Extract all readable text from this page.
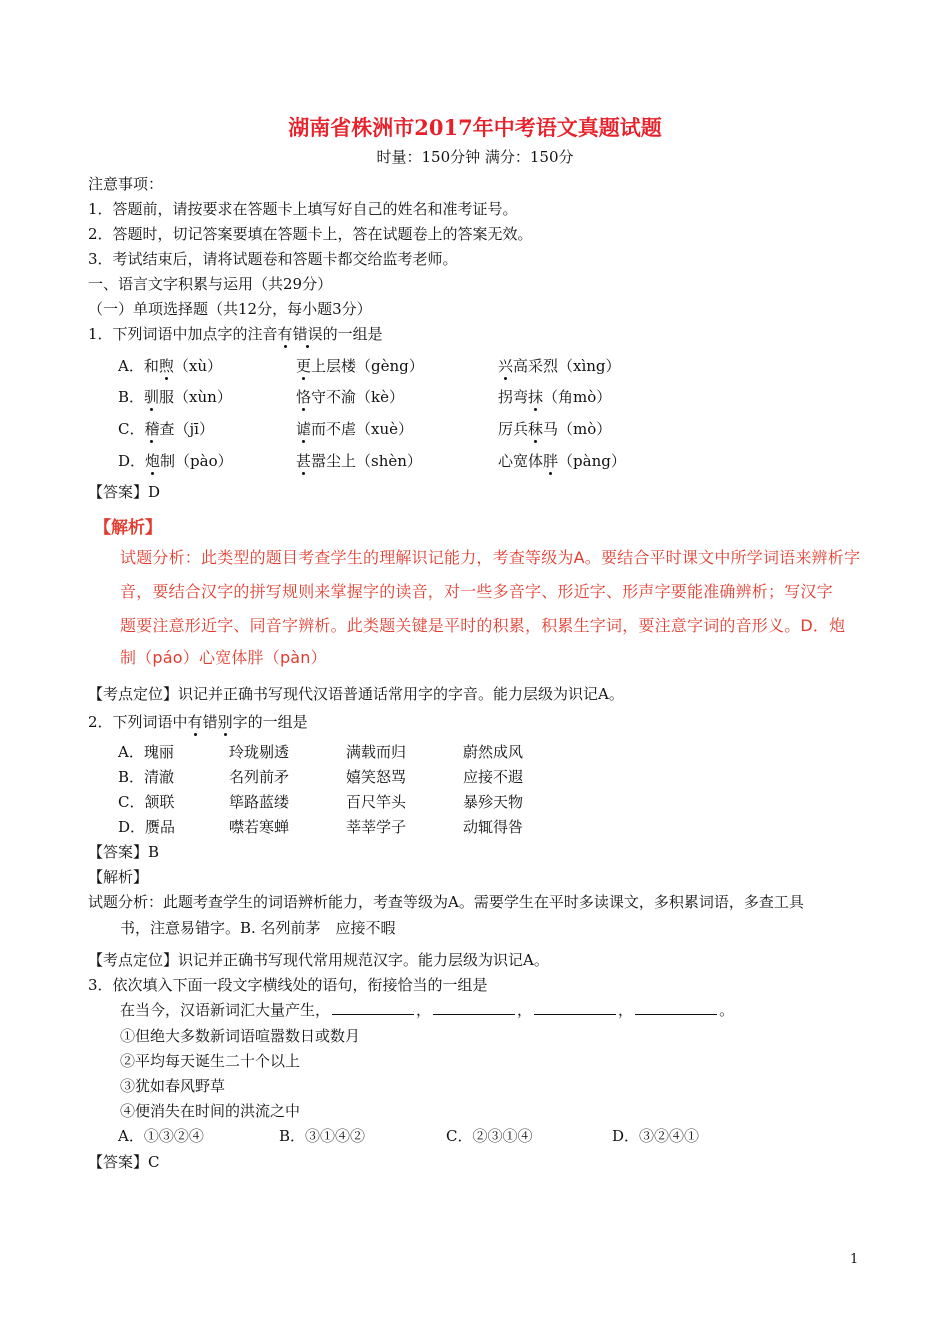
湖南省株洲市2017年中考语文真题试题
时量：150分钟 满分：150分
注意事项：
1．答题前，请按要求在答题卡上填写好自己的姓名和准考证号。
2．答题时，切记答案要填在答题卡上，答在试题卷上的答案无效。
3．考试结束后，请将试题卷和答题卡都交给监考老师。
一、语言文字积累与运用（共29分）
（一）单项选择题（共12分，每小题3分）
1．下列词语中加点字的注音有错误的一组是
A．和煦（xù）	更上层楼（gèng）	兴高采烈（xìng）
B．驯服（xùn）	恪守不渝（kè）	拐弯抹（角mò）
C．稽查（jī）	谑而不虐（xuè）	厉兵秣马（mò）
D．炮制（pào）	甚嚣尘上（shèn）	心宽体胖（pàng）
【答案】D
【解析】
试题分析：此类型的题目考查学生的理解识记能力，考查等级为A。要结合平时课文中所学词语来辨析字
音，要结合汉字的拼写规则来掌握字的读音，对一些多音字、形近字、形声字要能准确辨析；写汉字
题要注意形近字、同音字辨析。此类题关键是平时的积累，积累生字词，要注意字词的音形义。D．炮
制（páo）心宽体胖（pàn）
【考点定位】识记并正确书写现代汉语普通话常用字的字音。能力层级为识记A。
2．下列词语中有错别字的一组是
A．瑰丽	玲珑剔透	满载而归	蔚然成风
B．清澈	名列前矛	嬉笑怒骂	应接不遐
C．颔联	筚路蓝缕	百尺竿头	暴殄天物
D．赝品	噤若寒蝉	莘莘学子	动辄得咎
【答案】B
【解析】
试题分析：此题考查学生的词语辨析能力，考查等级为A。需要学生在平时多读课文，多积累词语，多查工具
书，注意易错字。B. 名列前茅　应接不暇
【考点定位】识记并正确书写现代常用规范汉字。能力层级为识记A。
3．依次填入下面一段文字横线处的语句，衔接恰当的一组是
在当今，汉语新词汇大量产生，	，	，	，	。
①但绝大多数新词语喧嚣数日或数月
②平均每天诞生二十个以上
③犹如春风野草
④便消失在时间的洪流之中
A．①③②④	B．③①④②	C．②③①④	D．③②④①
【答案】C
1
